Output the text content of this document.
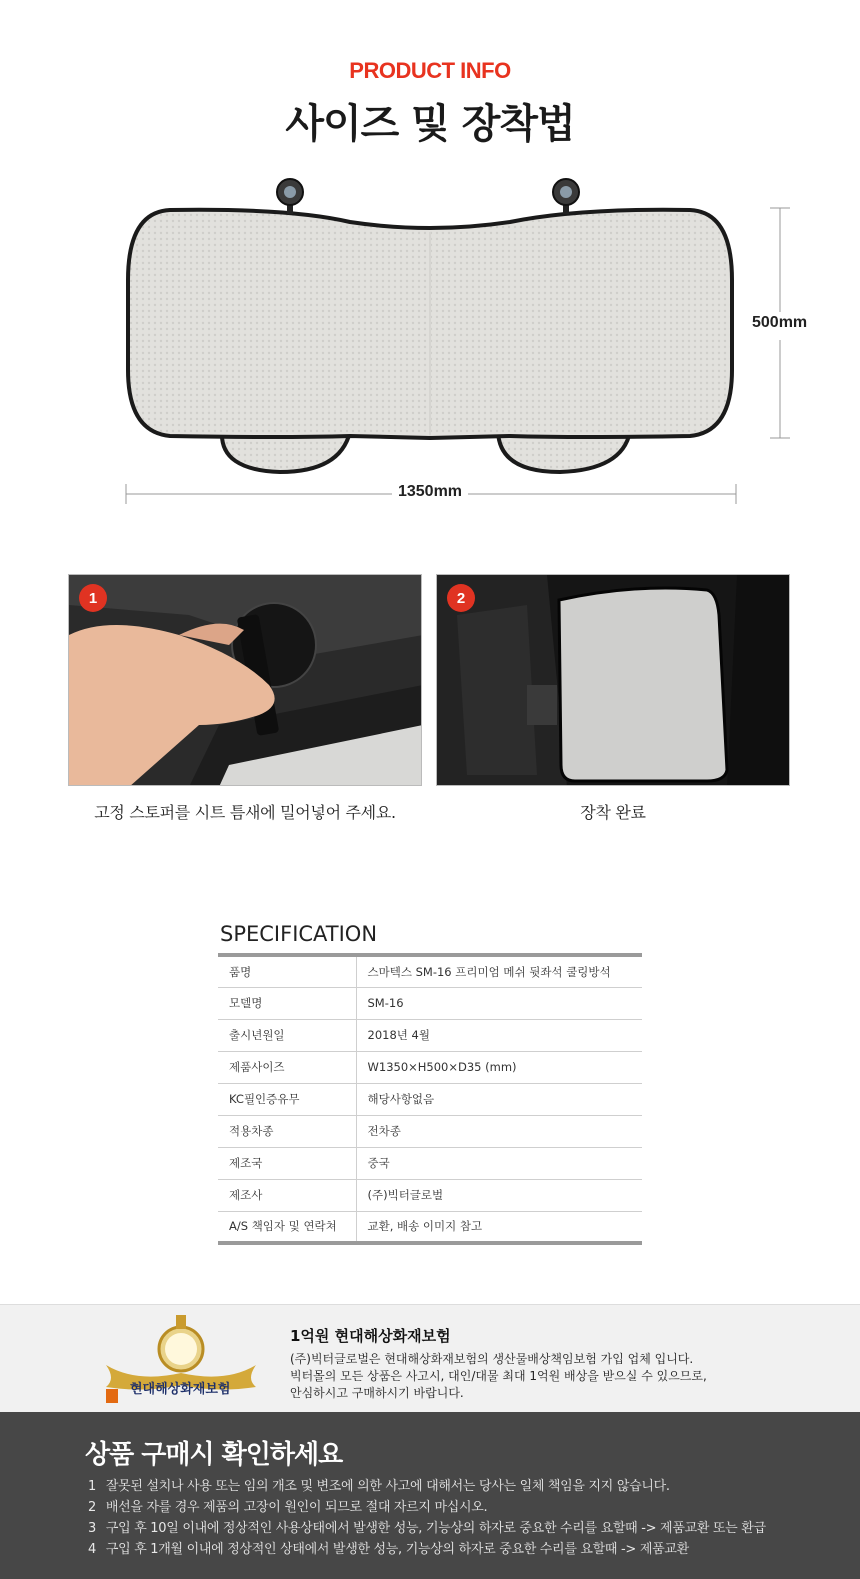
PRODUCT INFO
사이즈 및 장착법
500mm
1350mm
1	2
고정 스토퍼를 시트 틈새에 밀어넣어 주세요.	장착 완료
SPECIFICATION
품명	스마텍스 SM-16 프리미엄 메쉬 뒷좌석 쿨링방석
모델명	SM-16
출시년원일	2018년 4월
제품사이즈	W1350×H500×D35 (mm)
KC필인증유무	해당사항없음
적용차종	전차종
제조국	중국
제조사	(주)빅터글로벌
A/S 책임자 및 연락쳐	교환, 배송 이미지 참고
현대해상화재보험
1억원 현대해상화재보험
(주)빅터글로벌은 현대해상화재보험의 생산물배상책임보험 가입 업체 입니다.
빅터몰의 모든 상품은 사고시, 대인/대물 최대 1억원 배상을 받으실 수 있으므로,
안심하시고 구매하시기 바랍니다.
상품 구매시 확인하세요
1 잘못된 설치나 사용 또는 임의 개조 및 변조에 의한 사고에 대해서는 당사는 일체 책임을 지지 않습니다.
2 배선을 자를 경우 제품의 고장이 원인이 되므로 절대 자르지 마십시오.
3 구입 후 10일 이내에 정상적인 사용상태에서 발생한 성능, 기능상의 하자로 중요한 수리를 요할때 -> 제품교환 또는 환급
4 구입 후 1개월 이내에 정상적인 상태에서 발생한 성능, 기능상의 하자로 중요한 수리를 요할때 -> 제품교환
